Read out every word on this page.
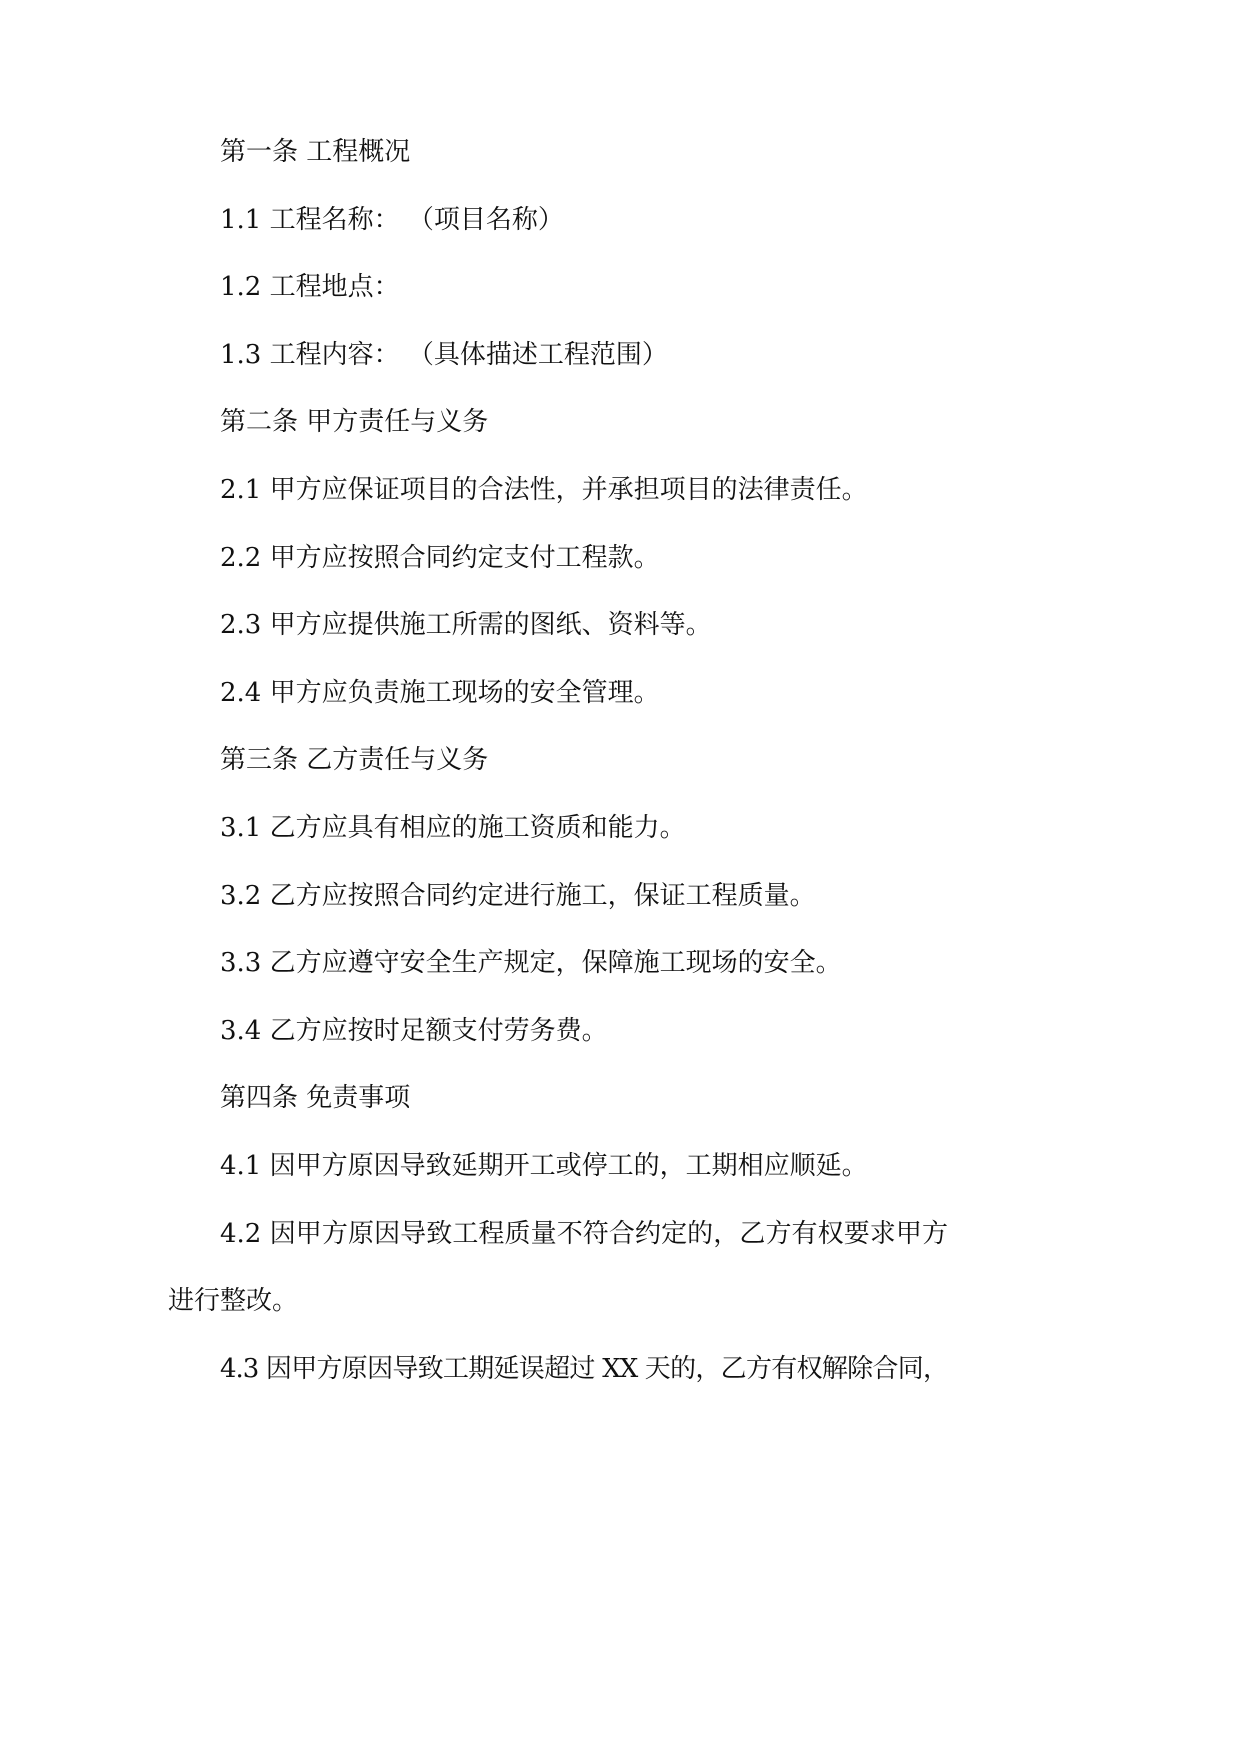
第一条 工程概况
1.1 工程名称： （项目名称）
1.2 工程地点：
1.3 工程内容： （具体描述工程范围）
第二条 甲方责任与义务
2.1 甲方应保证项目的合法性，并承担项目的法律责任。
2.2 甲方应按照合同约定支付工程款。
2.3 甲方应提供施工所需的图纸、资料等。
2.4 甲方应负责施工现场的安全管理。
第三条 乙方责任与义务
3.1 乙方应具有相应的施工资质和能力。
3.2 乙方应按照合同约定进行施工，保证工程质量。
3.3 乙方应遵守安全生产规定，保障施工现场的安全。
3.4 乙方应按时足额支付劳务费。
第四条 免责事项
4.1 因甲方原因导致延期开工或停工的，工期相应顺延。
4.2 因甲方原因导致工程质量不符合约定的，乙方有权要求甲方
进行整改。
4.3 因甲方原因导致工期延误超过 XX 天的，乙方有权解除合同，
